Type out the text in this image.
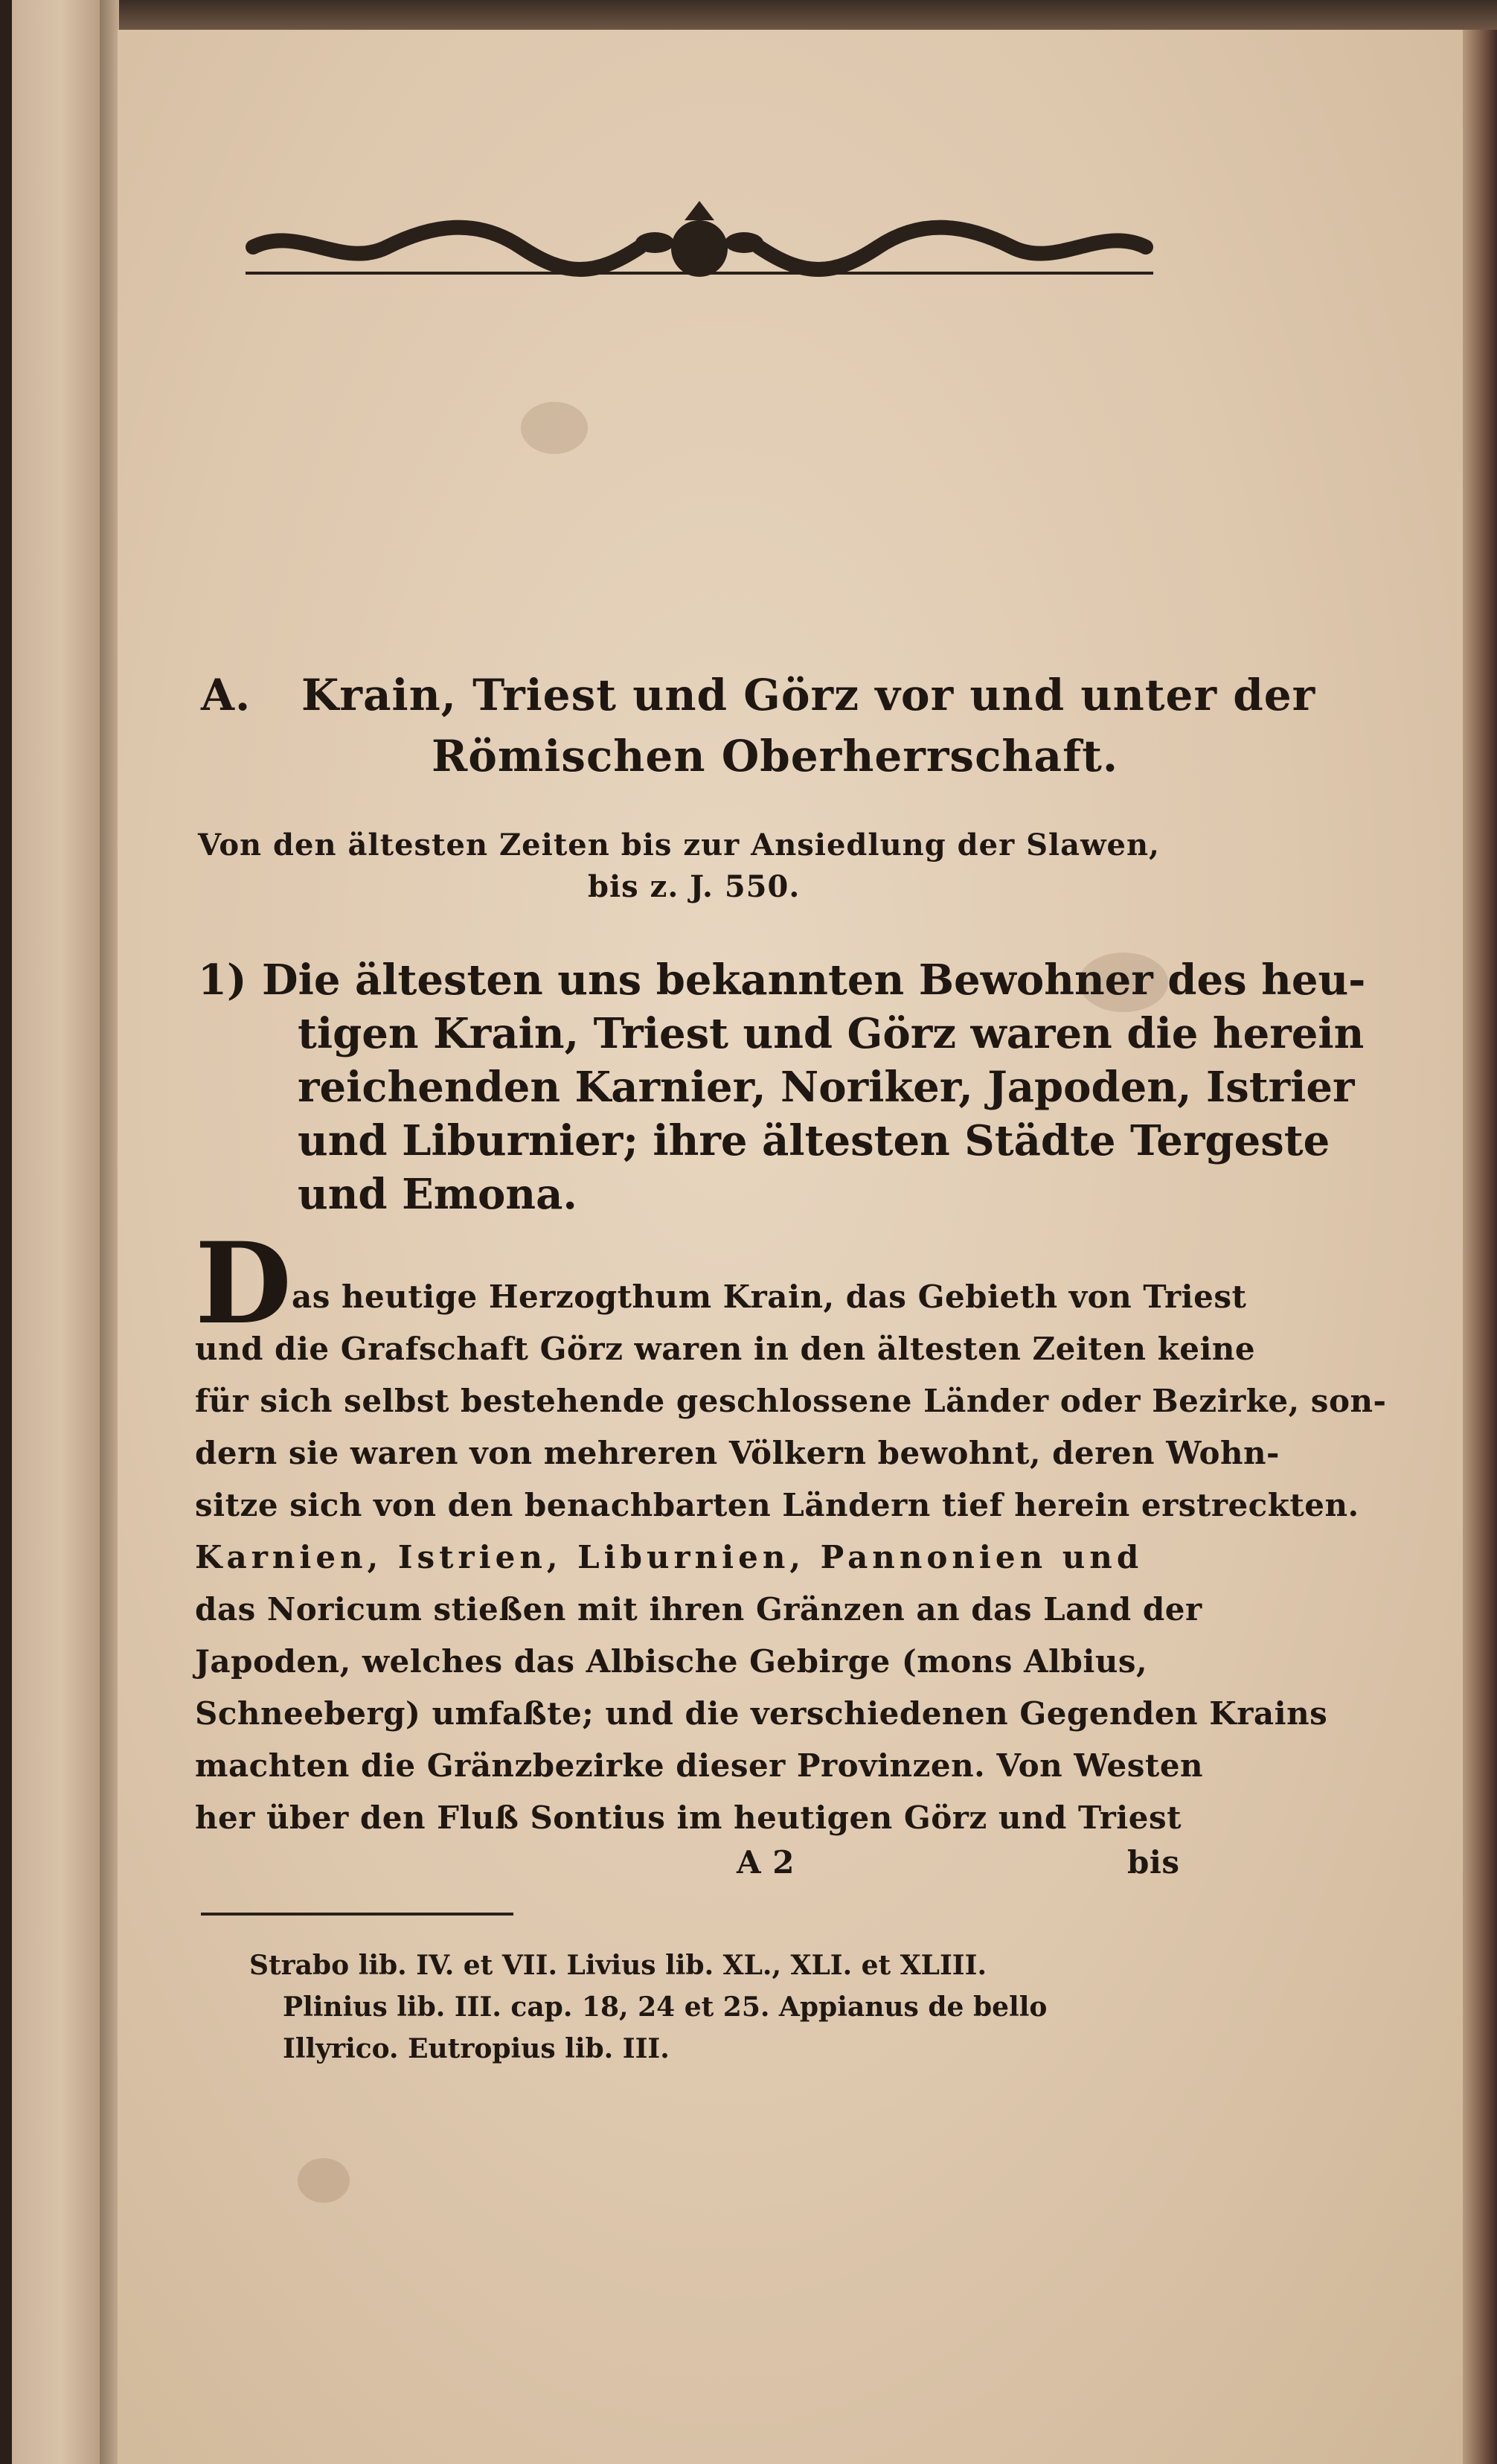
A. Krain, Triest und Görz vor und unter der
Römischen Oberherrschaft.
Von den ältesten Zeiten bis zur Ansiedlung der Slawen,
bis z. J. 550.
1) Die ältesten uns bekannten Bewohner des heu-
tigen Krain, Triest und Görz waren die herein
reichenden Karnier, Noriker, Japoden, Istrier
und Liburnier; ihre ältesten Städte Tergeste
und Emona.
D as heutige Herzogthum Krain, das Gebieth von Triest
und die Grafschaft Görz waren in den ältesten Zeiten keine
für sich selbst bestehende geschlossene Länder oder Bezirke, son-
dern sie waren von mehreren Völkern bewohnt, deren Wohn-
sitze sich von den benachbarten Ländern tief herein erstreckten.
Karnien, Istrien, Liburnien, Pannonien und
das Noricum stießen mit ihren Gränzen an das Land der
Japoden, welches das Albische Gebirge (mons Albius,
Schneeberg) umfaßte; und die verschiedenen Gegenden Krains
machten die Gränzbezirke dieser Provinzen. Von Westen
her über den Fluß Sontius im heutigen Görz und Triest
A 2	bis
Strabo lib. IV. et VII. Livius lib. XL., XLI. et XLIII.
Plinius lib. III. cap. 18, 24 et 25. Appianus de bello
Illyrico. Eutropius lib. III.
